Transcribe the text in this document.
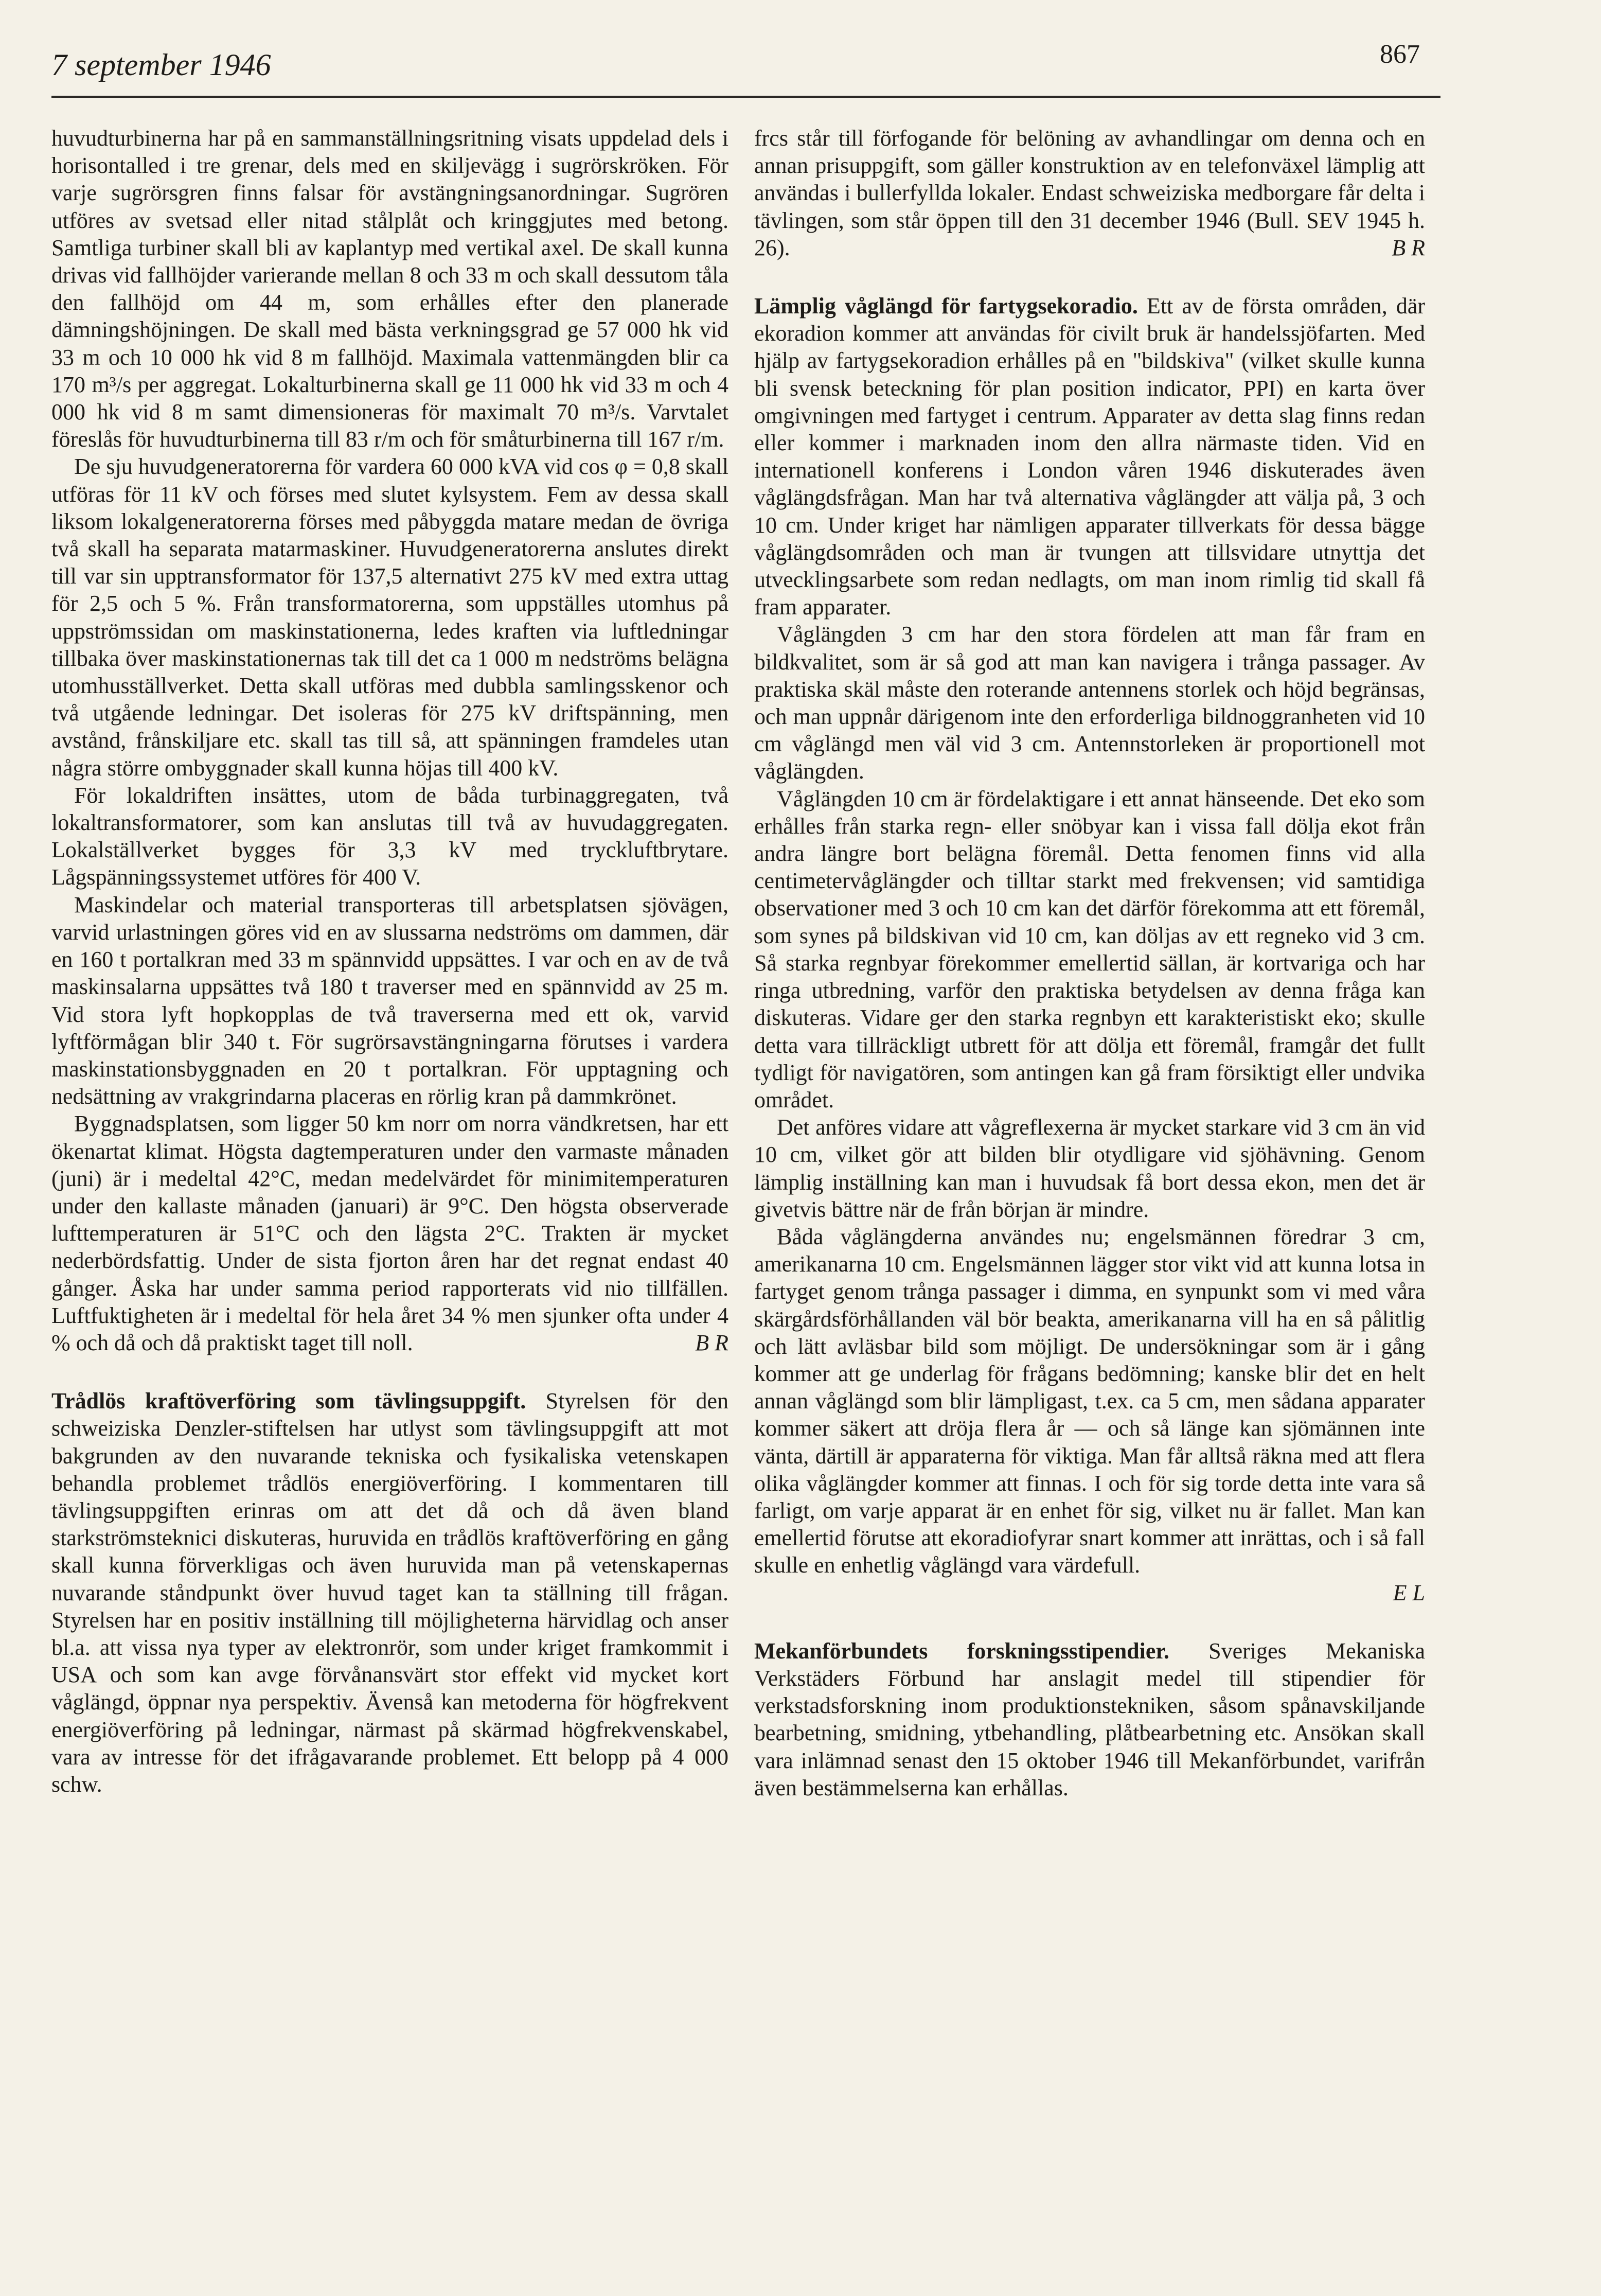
7 september 1946	867

huvudturbinerna har på en sammanställningsritning visats uppdelad dels i horisontalled i tre grenar, dels med en skiljevägg i sugrörskröken. För varje sugrörsgren finns falsar för avstängningsanordningar. Sugrören utföres av svetsad eller nitad stålplåt och kringgjutes med betong. Samtliga turbiner skall bli av kaplantyp med vertikal axel. De skall kunna drivas vid fallhöjder varierande mellan 8 och 33 m och skall dessutom tåla den fallhöjd om 44 m, som erhålles efter den planerade dämningshöjningen. De skall med bästa verkningsgrad ge 57 000 hk vid 33 m och 10 000 hk vid 8 m fallhöjd. Maximala vattenmängden blir ca 170 m³/s per aggregat. Lokalturbinerna skall ge 11 000 hk vid 33 m och 4 000 hk vid 8 m samt dimensioneras för maximalt 70 m³/s. Varvtalet föreslås för huvudturbinerna till 83 r/m och för småturbinerna till 167 r/m.

De sju huvudgeneratorerna för vardera 60 000 kVA vid cos φ = 0,8 skall utföras för 11 kV och förses med slutet kylsystem. Fem av dessa skall liksom lokalgeneratorerna förses med påbyggda matare medan de övriga två skall ha separata matarmaskiner. Huvudgeneratorerna anslutes direkt till var sin upptransformator för 137,5 alternativt 275 kV med extra uttag för 2,5 och 5 %. Från transformatorerna, som uppställes utomhus på uppströmssidan om maskinstationerna, ledes kraften via luftledningar tillbaka över maskinstationernas tak till det ca 1 000 m nedströms belägna utomhusställverket. Detta skall utföras med dubbla samlingsskenor och två utgående ledningar. Det isoleras för 275 kV driftspänning, men avstånd, frånskiljare etc. skall tas till så, att spänningen framdeles utan några större ombyggnader skall kunna höjas till 400 kV.

För lokaldriften insättes, utom de båda turbinaggregaten, två lokaltransformatorer, som kan anslutas till två av huvudaggregaten. Lokalställverket bygges för 3,3 kV med tryckluftbrytare. Lågspänningssystemet utföres för 400 V.

Maskindelar och material transporteras till arbetsplatsen sjövägen, varvid urlastningen göres vid en av slussarna nedströms om dammen, där en 160 t portalkran med 33 m spännvidd uppsättes. I var och en av de två maskinsalarna uppsättes två 180 t traverser med en spännvidd av 25 m. Vid stora lyft hopkopplas de två traverserna med ett ok, varvid lyftförmågan blir 340 t. För sugrörsavstängningarna förutses i vardera maskinstationsbyggnaden en 20 t portalkran. För upptagning och nedsättning av vrakgrindarna placeras en rörlig kran på dammkrönet.

Byggnadsplatsen, som ligger 50 km norr om norra vändkretsen, har ett ökenartat klimat. Högsta dagtemperaturen under den varmaste månaden (juni) är i medeltal 42°C, medan medelvärdet för minimitemperaturen under den kallaste månaden (januari) är 9°C. Den högsta observerade lufttemperaturen är 51°C och den lägsta 2°C. Trakten är mycket nederbördsfattig. Under de sista fjorton åren har det regnat endast 40 gånger. Åska har under samma period rapporterats vid nio tillfällen. Luftfuktigheten är i medeltal för hela året 34 % men sjunker ofta under 4 % och då och då praktiskt taget till noll.	B R

Trådlös kraftöverföring som tävlingsuppgift. Styrelsen för den schweiziska Denzler-stiftelsen har utlyst som tävlingsuppgift att mot bakgrunden av den nuvarande tekniska och fysikaliska vetenskapen behandla problemet trådlös energiöverföring. I kommentaren till tävlingsuppgiften erinras om att det då och då även bland starkströmsteknici diskuteras, huruvida en trådlös kraftöverföring en gång skall kunna förverkligas och även huruvida man på vetenskapernas nuvarande ståndpunkt över huvud taget kan ta ställning till frågan. Styrelsen har en positiv inställning till möjligheterna härvidlag och anser bl.a. att vissa nya typer av elektronrör, som under kriget framkommit i USA och som kan avge förvånansvärt stor effekt vid mycket kort våglängd, öppnar nya perspektiv. Ävenså kan metoderna för högfrekvent energiöverföring på ledningar, närmast på skärmad högfrekvenskabel, vara av intresse för det ifrågavarande problemet. Ett belopp på 4 000 schw.

frcs står till förfogande för belöning av avhandlingar om denna och en annan prisuppgift, som gäller konstruktion av en telefonväxel lämplig att användas i bullerfyllda lokaler. Endast schweiziska medborgare får delta i tävlingen, som står öppen till den 31 december 1946 (Bull. SEV 1945 h. 26).	B R

Lämplig våglängd för fartygsekoradio. Ett av de första områden, där ekoradion kommer att användas för civilt bruk är handelssjöfarten. Med hjälp av fartygsekoradion erhålles på en "bildskiva" (vilket skulle kunna bli svensk beteckning för plan position indicator, PPI) en karta över omgivningen med fartyget i centrum. Apparater av detta slag finns redan eller kommer i marknaden inom den allra närmaste tiden. Vid en internationell konferens i London våren 1946 diskuterades även våglängdsfrågan. Man har två alternativa våglängder att välja på, 3 och 10 cm. Under kriget har nämligen apparater tillverkats för dessa bägge våglängdsområden och man är tvungen att tillsvidare utnyttja det utvecklingsarbete som redan nedlagts, om man inom rimlig tid skall få fram apparater.

Våglängden 3 cm har den stora fördelen att man får fram en bildkvalitet, som är så god att man kan navigera i trånga passager. Av praktiska skäl måste den roterande antennens storlek och höjd begränsas, och man uppnår därigenom inte den erforderliga bildnoggranheten vid 10 cm våglängd men väl vid 3 cm. Antennstorleken är proportionell mot våglängden.

Våglängden 10 cm är fördelaktigare i ett annat hänseende. Det eko som erhålles från starka regn- eller snöbyar kan i vissa fall dölja ekot från andra längre bort belägna föremål. Detta fenomen finns vid alla centimetervåglängder och tilltar starkt med frekvensen; vid samtidiga observationer med 3 och 10 cm kan det därför förekomma att ett föremål, som synes på bildskivan vid 10 cm, kan döljas av ett regneko vid 3 cm. Så starka regnbyar förekommer emellertid sällan, är kortvariga och har ringa utbredning, varför den praktiska betydelsen av denna fråga kan diskuteras. Vidare ger den starka regnbyn ett karakteristiskt eko; skulle detta vara tillräckligt utbrett för att dölja ett föremål, framgår det fullt tydligt för navigatören, som antingen kan gå fram försiktigt eller undvika området.

Det anföres vidare att vågreflexerna är mycket starkare vid 3 cm än vid 10 cm, vilket gör att bilden blir otydligare vid sjöhävning. Genom lämplig inställning kan man i huvudsak få bort dessa ekon, men det är givetvis bättre när de från början är mindre.

Båda våglängderna användes nu; engelsmännen föredrar 3 cm, amerikanarna 10 cm. Engelsmännen lägger stor vikt vid att kunna lotsa in fartyget genom trånga passager i dimma, en synpunkt som vi med våra skärgårdsförhållanden väl bör beakta, amerikanarna vill ha en så pålitlig och lätt avläsbar bild som möjligt. De undersökningar som är i gång kommer att ge underlag för frågans bedömning; kanske blir det en helt annan våglängd som blir lämpligast, t.ex. ca 5 cm, men sådana apparater kommer säkert att dröja flera år — och så länge kan sjömännen inte vänta, därtill är apparaterna för viktiga. Man får alltså räkna med att flera olika våglängder kommer att finnas. I och för sig torde detta inte vara så farligt, om varje apparat är en enhet för sig, vilket nu är fallet. Man kan emellertid förutse att ekoradiofyrar snart kommer att inrättas, och i så fall skulle en enhetlig våglängd vara värdefull.

E L

Mekanförbundets forskningsstipendier. Sveriges Mekaniska Verkstäders Förbund har anslagit medel till stipendier för verkstadsforskning inom produktionstekniken, såsom spånavskiljande bearbetning, smidning, ytbehandling, plåtbearbetning etc. Ansökan skall vara inlämnad senast den 15 oktober 1946 till Mekanförbundet, varifrån även bestämmelserna kan erhållas.
